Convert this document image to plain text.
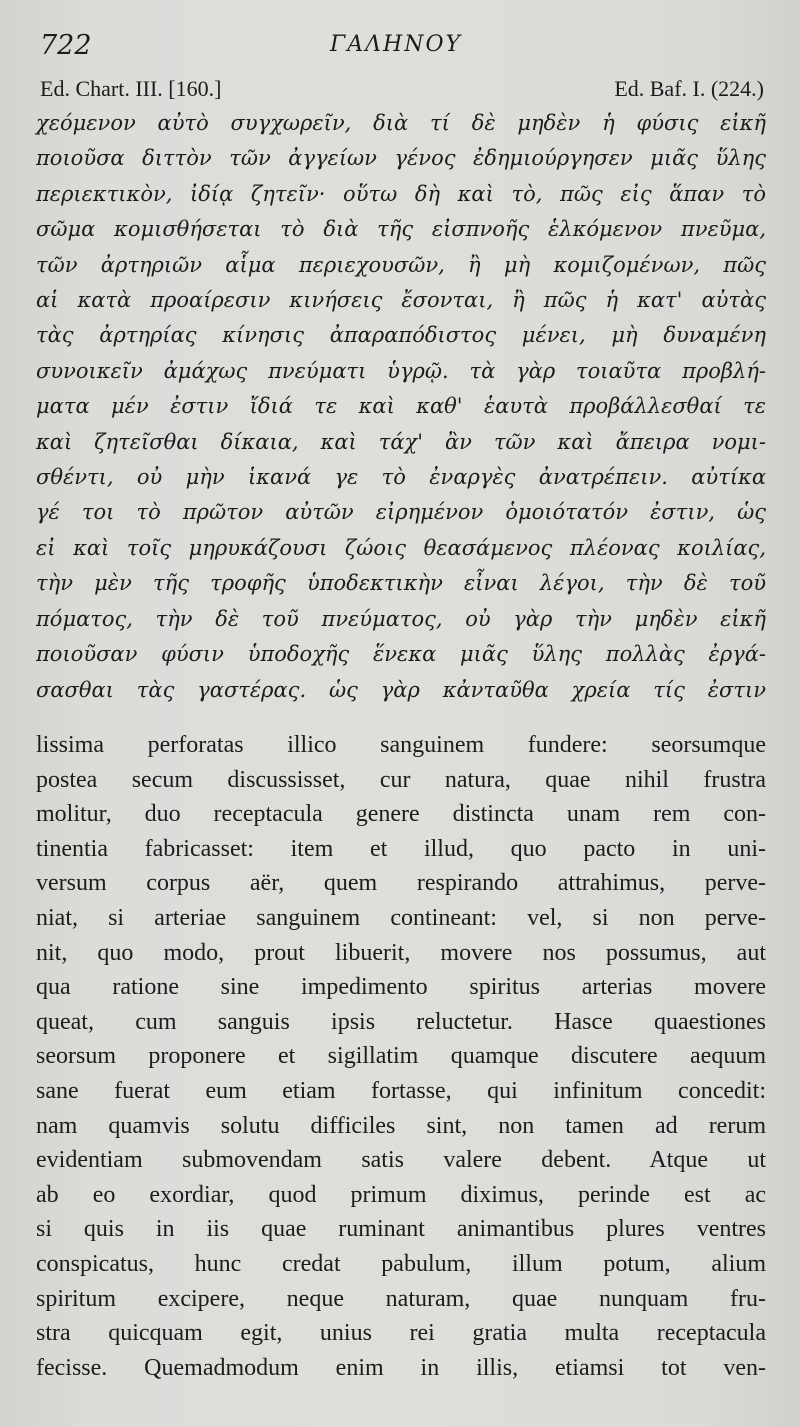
722	ΓΑΛΗΝΟΥ
Ed. Chart. III. [160.]	Ed. Baf. I. (224.)
χεόμενον αὐτὸ συγχωρεῖν, διὰ τί δὲ μηδὲν ἡ φύσις εἰκῆ
ποιοῦσα διττὸν τῶν ἀγγείων γένος ἐδημιούργησεν μιᾶς ὕλης
περιεκτικὸν, ἰδίᾳ ζητεῖν· οὕτω δὴ καὶ τὸ, πῶς εἰς ἅπαν τὸ
σῶμα κομισθήσεται τὸ διὰ τῆς εἰσπνοῆς ἑλκόμενον πνεῦμα,
τῶν ἀρτηριῶν αἷμα περιεχουσῶν, ἢ μὴ κομιζομένων, πῶς
αἱ κατὰ προαίρεσιν κινήσεις ἔσονται, ἢ πῶς ἡ κατ' αὐτὰς
τὰς ἀρτηρίας κίνησις ἀπαραπόδιστος μένει, μὴ δυναμένη
συνοικεῖν ἀμάχως πνεύματι ὑγρῷ. τὰ γὰρ τοιαῦτα προβλή-
ματα μέν ἐστιν ἴδιά τε καὶ καθ' ἑαυτὰ προβάλλεσθαί τε
καὶ ζητεῖσθαι δίκαια, καὶ τάχ' ἂν τῶν καὶ ἄπειρα νομι-
σθέντι, οὐ μὴν ἱκανά γε τὸ ἐναργὲς ἀνατρέπειν. αὐτίκα
γέ τοι τὸ πρῶτον αὐτῶν εἰρημένον ὁμοιότατόν ἐστιν, ὡς
εἰ καὶ τοῖς μηρυκάζουσι ζώοις θεασάμενος πλέονας κοιλίας,
τὴν μὲν τῆς τροφῆς ὑποδεκτικὴν εἶναι λέγοι, τὴν δὲ τοῦ
πόματος, τὴν δὲ τοῦ πνεύματος, οὐ γὰρ τὴν μηδὲν εἰκῆ
ποιοῦσαν φύσιν ὑποδοχῆς ἕνεκα μιᾶς ὕλης πολλὰς ἐργά-
σασθαι τὰς γαστέρας. ὡς γὰρ κἀνταῦθα χρεία τίς ἐστιν
lissima perforatas illico sanguinem fundere: seorsumque
postea secum discussisset, cur natura, quae nihil frustra
molitur, duo receptacula genere distincta unam rem con-
tinentia fabricasset: item et illud, quo pacto in uni-
versum corpus aër, quem respirando attrahimus, perve-
niat, si arteriae sanguinem contineant: vel, si non perve-
nit, quo modo, prout libuerit, movere nos possumus, aut
qua ratione sine impedimento spiritus arterias movere
queat, cum sanguis ipsis reluctetur. Hasce quaestiones
seorsum proponere et sigillatim quamque discutere aequum
sane fuerat eum etiam fortasse, qui infinitum concedit:
nam quamvis solutu difficiles sint, non tamen ad rerum
evidentiam submovendam satis valere debent. Atque ut
ab eo exordiar, quod primum diximus, perinde est ac
si quis in iis quae ruminant animantibus plures ventres
conspicatus, hunc credat pabulum, illum potum, alium
spiritum excipere, neque naturam, quae nunquam fru-
stra quicquam egit, unius rei gratia multa receptacula
fecisse. Quemadmodum enim in illis, etiamsi tot ven-
